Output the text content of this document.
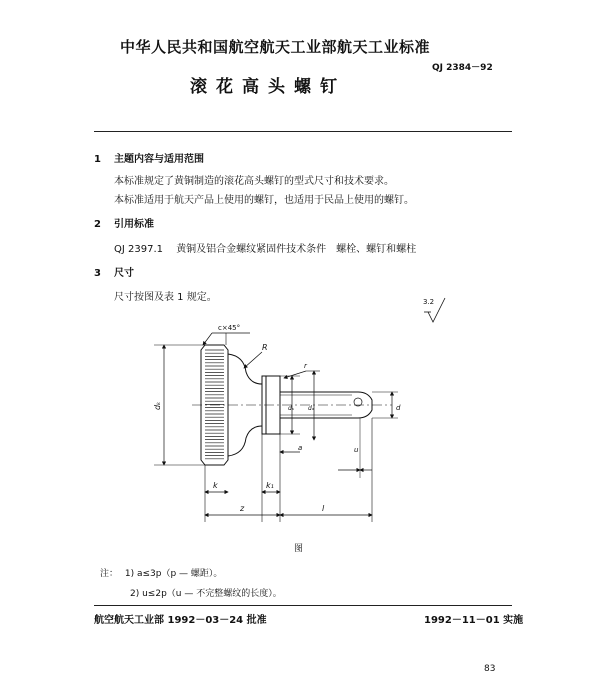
中华人民共和国航空航天工业部航天工业标准
QJ 2384－92
滚花高头螺钉
1 主题内容与适用范围
本标准规定了黄铜制造的滚花高头螺钉的型式尺寸和技术要求。
本标准适用于航天产品上使用的螺钉，也适用于民品上使用的螺钉。
2 引用标准
QJ 2397.1 黄铜及铝合金螺纹紧固件技术条件　螺栓、螺钉和螺柱
3 尺寸
尺寸按图及表 1 规定。	3.2
c×45°
R
r
dₖ	dₛ dₐ	d
a	u
k	k₁
z	l
图
注： 1) a≤3p（p — 螺距）。
2) u≤2p（u — 不完整螺纹的长度）。
航空航天工业部 1992－03－24 批准	1992－11－01 实施
83
